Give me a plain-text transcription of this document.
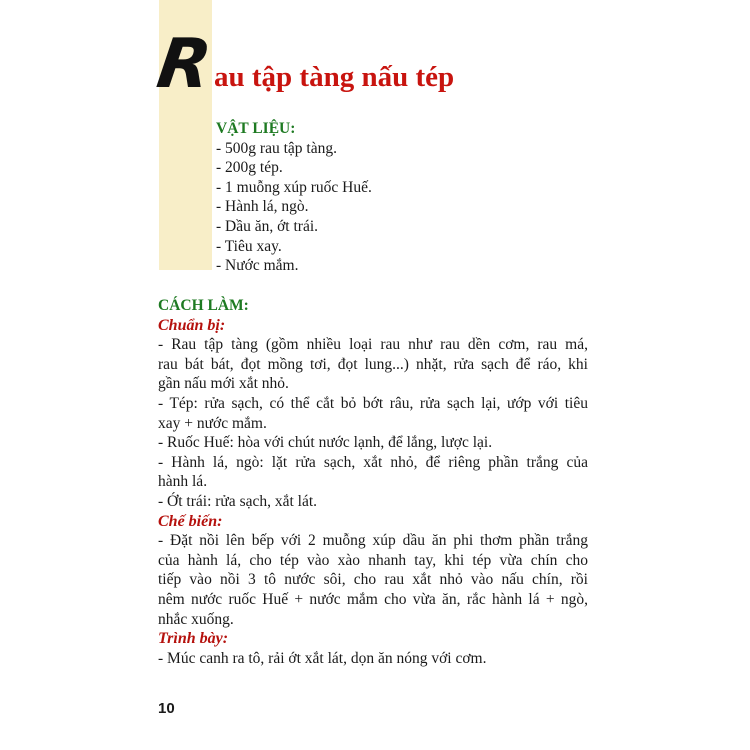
R au tập tàng nấu tép
VẬT LIỆU:
- 500g rau tập tàng.
- 200g tép.
- 1 muỗng xúp ruốc Huế.
- Hành lá, ngò.
- Dầu ăn, ớt trái.
- Tiêu xay.
- Nước mắm.
CÁCH LÀM:
Chuẩn bị:
- Rau tập tàng (gồm nhiều loại rau như rau dền cơm, rau má,
rau bát bát, đọt mồng tơi, đọt lung...) nhặt, rửa sạch để ráo, khi
gần nấu mới xắt nhỏ.
- Tép: rửa sạch, có thể cắt bỏ bớt râu, rửa sạch lại, ướp với tiêu
xay + nước mắm.
- Ruốc Huế: hòa với chút nước lạnh, để lắng, lược lại.
- Hành lá, ngò: lặt rửa sạch, xắt nhỏ, để riêng phần trắng của
hành lá.
- Ớt trái: rửa sạch, xắt lát.
Chế biến:
- Đặt nồi lên bếp với 2 muỗng xúp dầu ăn phi thơm phần trắng
của hành lá, cho tép vào xào nhanh tay, khi tép vừa chín cho
tiếp vào nồi 3 tô nước sôi, cho rau xắt nhỏ vào nấu chín, rồi
nêm nước ruốc Huế + nước mắm cho vừa ăn, rắc hành lá + ngò,
nhắc xuống.
Trình bày:
- Múc canh ra tô, rải ớt xắt lát, dọn ăn nóng với cơm.
10
